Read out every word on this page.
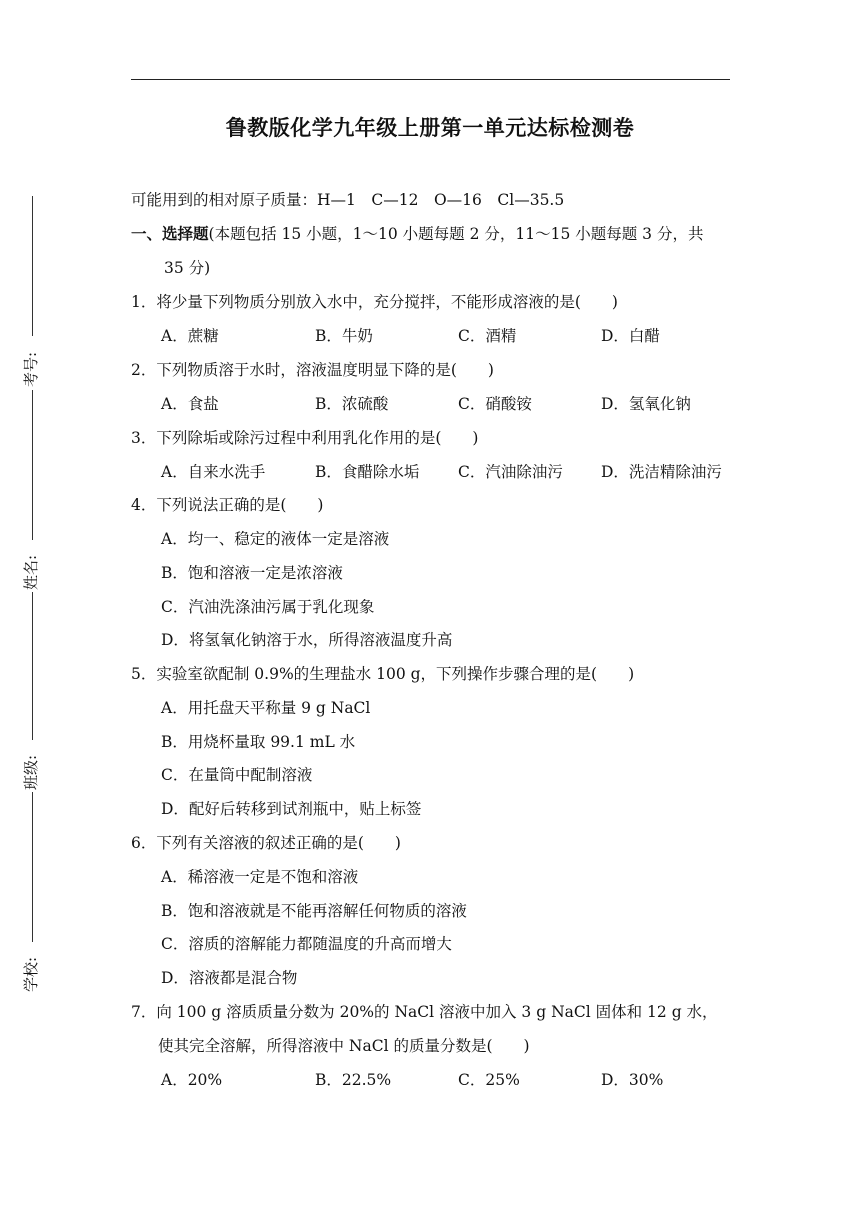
考号:
姓名:
班级:
学校:
鲁教版化学九年级上册第一单元达标检测卷
可能用到的相对原子质量：H—1　C—12　O—16　Cl—35.5
一、选择题(本题包括 15 小题，1～10 小题每题 2 分，11～15 小题每题 3 分，共
35 分)
1．将少量下列物质分别放入水中，充分搅拌，不能形成溶液的是(　　)
A．蔗糖	B．牛奶	C．酒精	D．白醋
2．下列物质溶于水时，溶液温度明显下降的是(　　)
A．食盐	B．浓硫酸	C．硝酸铵	D．氢氧化钠
3．下列除垢或除污过程中利用乳化作用的是(　　)
A．自来水洗手	B．食醋除水垢 C．汽油除油污 D．洗洁精除油污
4．下列说法正确的是(　　)
A．均一、稳定的液体一定是溶液
B．饱和溶液一定是浓溶液
C．汽油洗涤油污属于乳化现象
D．将氢氧化钠溶于水，所得溶液温度升高
5．实验室欲配制 0.9%的生理盐水 100 g，下列操作步骤合理的是(　　)
A．用托盘天平称量 9 g NaCl
B．用烧杯量取 99.1 mL 水
C．在量筒中配制溶液
D．配好后转移到试剂瓶中，贴上标签
6．下列有关溶液的叙述正确的是(　　)
A．稀溶液一定是不饱和溶液
B．饱和溶液就是不能再溶解任何物质的溶液
C．溶质的溶解能力都随温度的升高而增大
D．溶液都是混合物
7．向 100 g 溶质质量分数为 20%的 NaCl 溶液中加入 3 g NaCl 固体和 12 g 水，
使其完全溶解，所得溶液中 NaCl 的质量分数是(　　)
A．20%	B．22.5%	C．25%	D．30%
